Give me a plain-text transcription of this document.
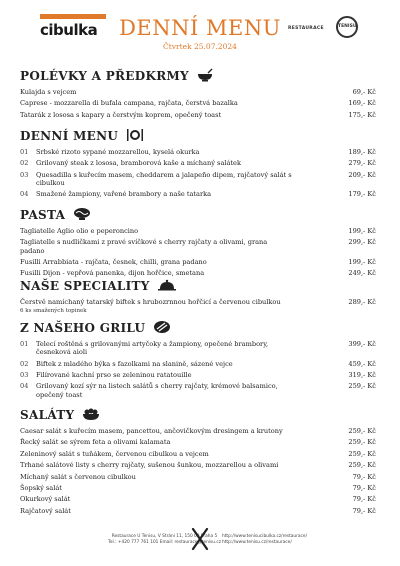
cibulka	DENNÍ MENU
Čtvrtek 25.07.2024
RESTAURACE	TENISU
POLÉVKY A PŘEDKRMY
Kulajda s vejcem	69,- Kč
Caprese - mozzarella di bufala campana, rajčata, čerstvá bazalka	169,- Kč
Tatarák z lososa s kapary a čerstvým koprem, opečený toast	175,- Kč
DENNÍ MENU
01	Srbské rizoto sypané mozzarellou, kyselá okurka	189,- Kč
02	Grilovaný steak z lososa, bramborová kaše a míchaný salátek	279,- Kč
03	Quesadilla s kuřecím masem, cheddarem a jalapeño dipem, rajčatový salát s cibulkou
209,- Kč
04	Smažené žampiony, vařené brambory a naše tatarka	179,- Kč
PASTA
Tagliatelle Aglio olio e peperoncino	199,- Kč
Tagliatelle s nudličkami z pravé svíčkové s cherry rajčaty a olivami, grana padano
299,- Kč
Fusilli Arrabbiata - rajčata, česnek, chilli, grana padano	199,- Kč
Fusilli Dijon - vepřová panenka, dijon hořčice, smetana	249,- Kč
NAŠE SPECIALITY
Čerstvě namíchaný tatarský biftek s hrubozrnnou hořčicí a červenou cibulkou
6 ks smažených topinek
289,- Kč
Z NAŠEHO GRILU
01	Telecí roštěná s grilovanými artyčoky a žampiony, opečené brambory, česneková aioli
399,- Kč
02	Biftek z mladého býka s fazolkami na slanině, sázené vejce	459,- Kč
03	Filírované kachní prso se zeleninou ratatouille	319,- Kč
04	Grilovaný kozí sýr na listech salátů s cherry rajčaty, krémové balsamico, opečený toast
259,- Kč
SALÁTY
Caesar salát s kuřecím masem, pancettou, ančovičkovým dresingem a krutony	259,- Kč
Řecký salát se sýrem feta a olivami kalamata	259,- Kč
Zeleninový salát s tuňákem, červenou cibulkou a vejcem	259,- Kč
Trhané salátové listy s cherry rajčaty, sušenou šunkou, mozzarellou a olivami	259,- Kč
Míchaný salát s červenou cibulkou	79,- Kč
Šopský salát	79,- Kč
Okurkový salát	79,- Kč
Rajčatový salát	79,- Kč
Restaurace U Tenisu, V Stráni 11, 150 00 Praha 5
Tel.: +420 777 761 101 Email: restaurace@tenisu.cz
http://www.tenisucibulka.cz/restaurace/
http://www.tenisu.cz/restaurace/
